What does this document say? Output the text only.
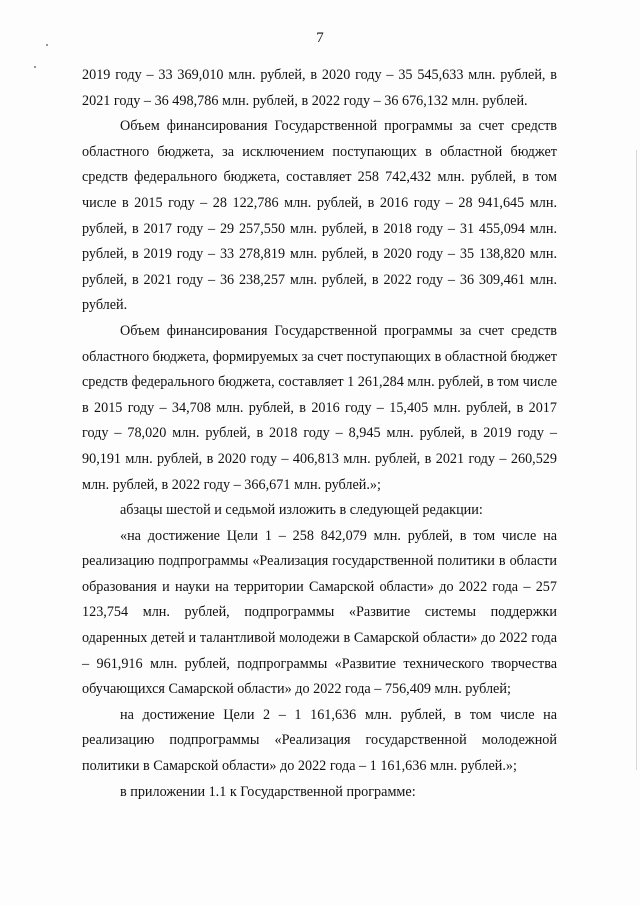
7

2019 году – 33 369,010 млн. рублей, в 2020 году – 35 545,633 млн. рублей, в 2021 году – 36 498,786 млн. рублей, в 2022 году – 36 676,132 млн. рублей.

Объем финансирования Государственной программы за счет средств областного бюджета, за исключением поступающих в областной бюджет средств федерального бюджета, составляет 258 742,432 млн. рублей, в том числе в 2015 году – 28 122,786 млн. рублей, в 2016 году – 28 941,645 млн. рублей, в 2017 году – 29 257,550 млн. рублей, в 2018 году – 31 455,094 млн. рублей, в 2019 году – 33 278,819 млн. рублей, в 2020 году – 35 138,820 млн. рублей, в 2021 году – 36 238,257 млн. рублей, в 2022 году – 36 309,461 млн. рублей.

Объем финансирования Государственной программы за счет средств областного бюджета, формируемых за счет поступающих в областной бюджет средств федерального бюджета, составляет 1 261,284 млн. рублей, в том числе в 2015 году – 34,708 млн. рублей, в 2016 году – 15,405 млн. рублей, в 2017 году – 78,020 млн. рублей, в 2018 году – 8,945 млн. рублей, в 2019 году – 90,191 млн. рублей, в 2020 году – 406,813 млн. рублей, в 2021 году – 260,529 млн. рублей, в 2022 году – 366,671 млн. рублей.»;

абзацы шестой и седьмой изложить в следующей редакции:

«на достижение Цели 1 – 258 842,079 млн. рублей, в том числе на реализацию подпрограммы «Реализация государственной политики в области образования и науки на территории Самарской области» до 2022 года – 257 123,754 млн. рублей, подпрограммы «Развитие системы поддержки одаренных детей и талантливой молодежи в Самарской области» до 2022 года – 961,916 млн. рублей, подпрограммы «Развитие технического творчества обучающихся Самарской области» до 2022 года – 756,409 млн. рублей;

на достижение Цели 2 – 1 161,636 млн. рублей, в том числе на реализацию подпрограммы «Реализация государственной молодежной политики в Самарской области» до 2022 года – 1 161,636 млн. рублей.»;

в приложении 1.1 к Государственной программе:
